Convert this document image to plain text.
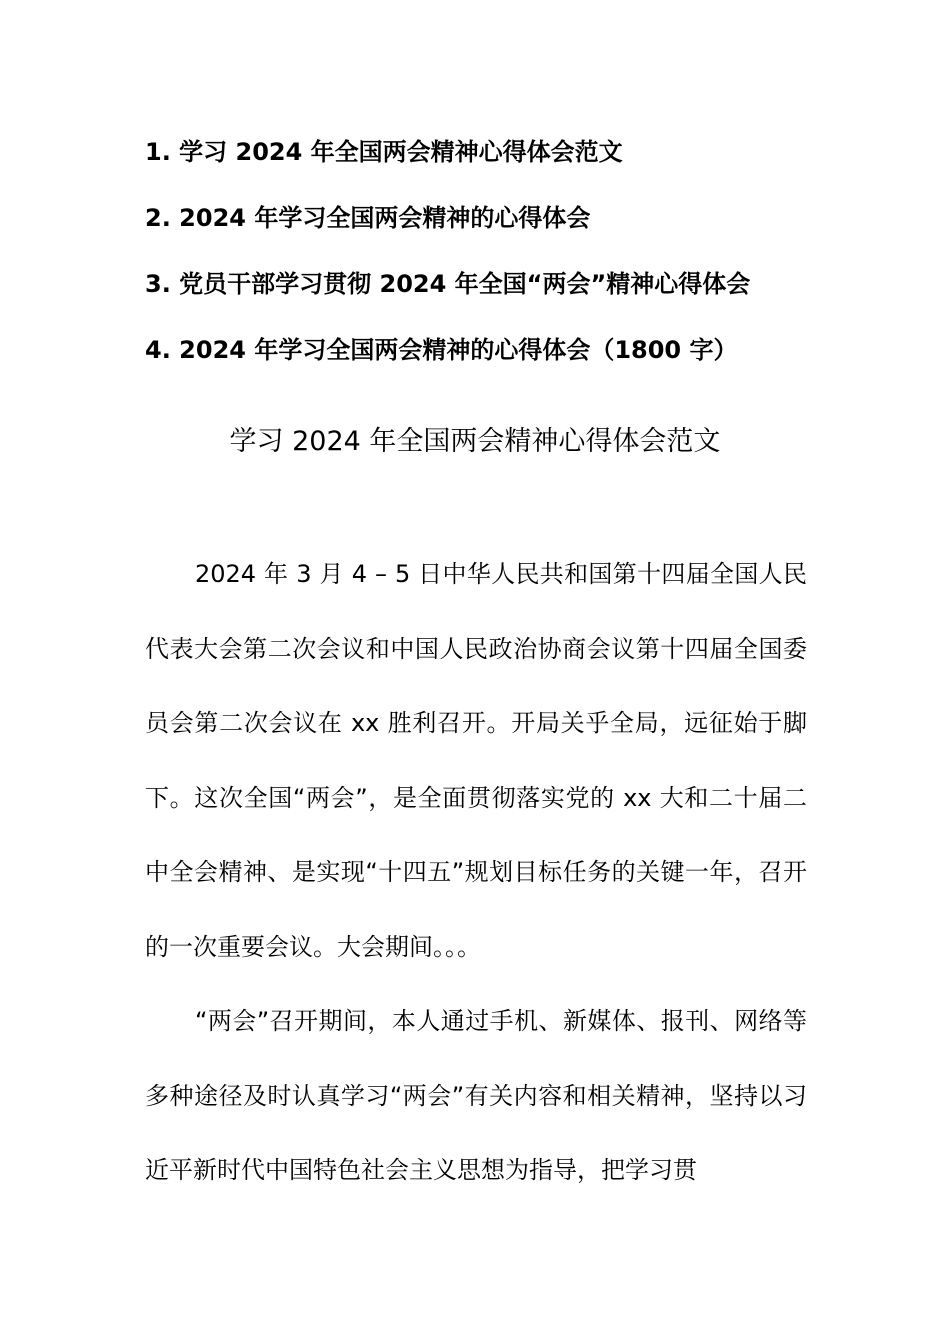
1. 学习 2024 年全国两会精神心得体会范文
2. 2024 年学习全国两会精神的心得体会
3. 党员干部学习贯彻 2024 年全国“两会”精神心得体会
4. 2024 年学习全国两会精神的心得体会（1800 字）
学习 2024 年全国两会精神心得体会范文

2024 年 3 月 4 – 5 日中华人民共和国第十四届全国人民代表大会第二次会议和中国人民政治协商会议第十四届全国委员会第二次会议在 xx 胜利召开。开局关乎全局，远征始于脚下。这次全国“两会”，是全面贯彻落实党的 xx 大和二十届二中全会精神、是实现“十四五”规划目标任务的关键一年，召开的一次重要会议。大会期间。。。

“两会”召开期间，本人通过手机、新媒体、报刊、网络等多种途径及时认真学习“两会”有关内容和相关精神，坚持以习近平新时代中国特色社会主义思想为指导，把学习贯
